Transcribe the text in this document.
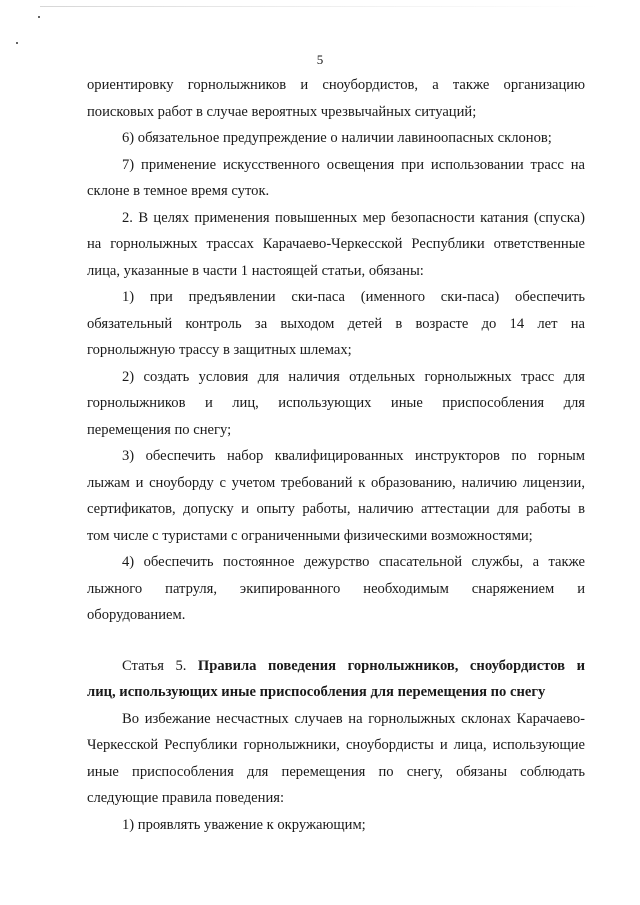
5
ориентировку горнолыжников и сноубордистов, а также организацию
поисковых работ в случае вероятных чрезвычайных ситуаций;
6) обязательное предупреждение о наличии лавиноопасных склонов;
7) применение искусственного освещения при использовании трасс на
склоне в темное время суток.
2. В целях применения повышенных мер безопасности катания (спуска)
на горнолыжных трассах Карачаево-Черкесской Республики ответственные
лица, указанные в части 1 настоящей статьи, обязаны:
1) при предъявлении ски-паса (именного ски-паса) обеспечить
обязательный контроль за выходом детей в возрасте до 14 лет на
горнолыжную трассу в защитных шлемах;
2) создать условия для наличия отдельных горнолыжных трасс для
горнолыжников и лиц, использующих иные приспособления для
перемещения по снегу;
3) обеспечить набор квалифицированных инструкторов по горным
лыжам и сноуборду с учетом требований к образованию, наличию лицензии,
сертификатов, допуску и опыту работы, наличию аттестации для работы в
том числе с туристами с ограниченными физическими возможностями;
4) обеспечить постоянное дежурство спасательной службы, а также
лыжного патруля, экипированного необходимым снаряжением и
оборудованием.
Статья 5. Правила поведения горнолыжников, сноубордистов и
лиц, использующих иные приспособления для перемещения по снегу
Во избежание несчастных случаев на горнолыжных склонах Карачаево-
Черкесской Республики горнолыжники, сноубордисты и лица, использующие
иные приспособления для перемещения по снегу, обязаны соблюдать
следующие правила поведения:
1) проявлять уважение к окружающим;
